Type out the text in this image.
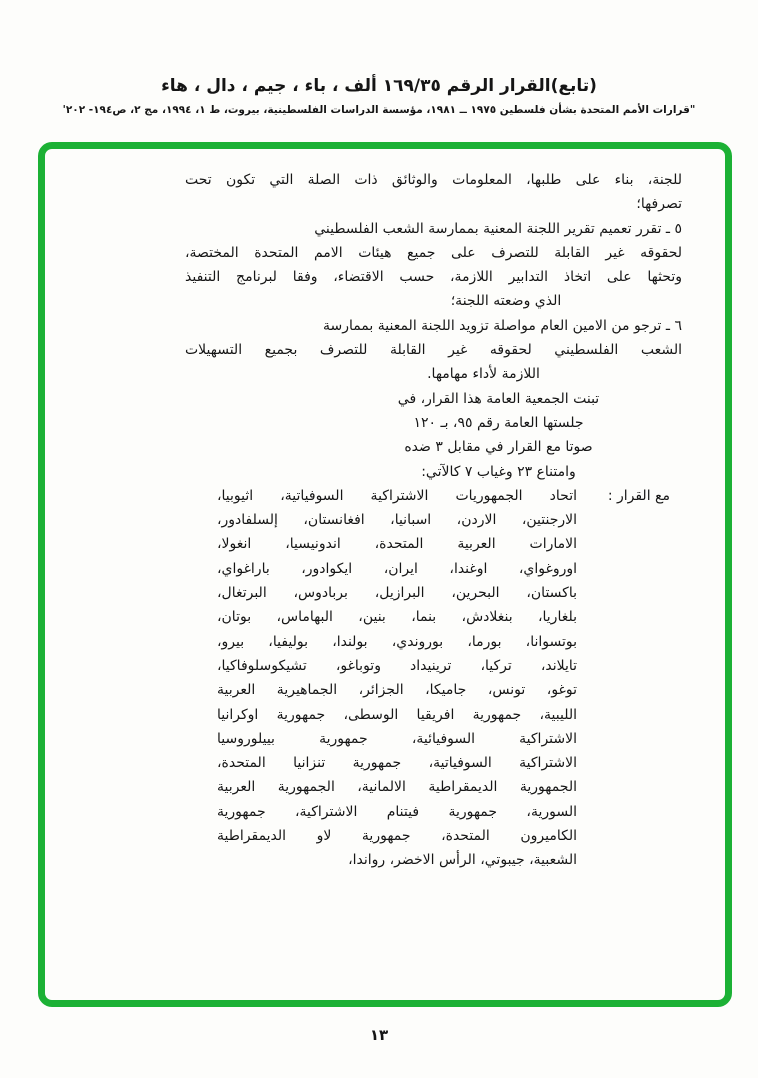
(تابع)القرار الرقم ١٦٩/٣٥ ألف ، باء ، جيم ، دال ، هاء
"قرارات الأمم المتحدة بشأن فلسطين ١٩٧٥ ــ ١٩٨١، مؤسسة الدراسات الفلسطينية، بيروت، ط ١، ١٩٩٤، مج ٢، ص١٩٤- ٢٠٢'
مع القرار :
للجنة، بناء على طلبها، المعلومات والوثائق ذات الصلة التي تكون تحت
تصرفها؛
٥ ـ تقرر تعميم تقرير اللجنة المعنية بممارسة الشعب الفلسطيني
لحقوقه غير القابلة للتصرف على جميع هيئات الامم المتحدة المختصة،
وتحثها على اتخاذ التدابير اللازمة، حسب الاقتضاء، وفقا لبرنامج التنفيذ
الذي وضعته اللجنة؛
٦ ـ ترجو من الامين العام مواصلة تزويد اللجنة المعنية بممارسة
الشعب الفلسطيني لحقوقه غير القابلة للتصرف بجميع التسهيلات
اللازمة لأداء مهامها.
تبنت الجمعية العامة هذا القرار، في
جلستها العامة رقم ٩٥، بـ ١٢٠
صوتا مع القرار في مقابل ٣ ضده
وامتناع ٢٣ وغياب ٧ كالآتي:
اتحاد الجمهوريات الاشتراكية السوفياتية، اثيوبيا،
الارجنتين، الاردن، اسبانيا، افغانستان، إلسلفادور،
الامارات العربية المتحدة، اندونيسيا، انغولا،
اوروغواي، اوغندا، ايران، ايكوادور، باراغواي،
باكستان، البحرين، البرازيل، بربادوس، البرتغال،
بلغاريا، بنغلادش، بنما، بنين، البهاماس، بوتان،
بوتسوانا، بورما، بوروندي، بولندا، بوليفيا، بيرو،
تايلاند، تركيا، ترينيداد وتوباغو، تشيكوسلوفاكيا،
توغو، تونس، جاميكا، الجزائر، الجماهيرية العربية
الليبية، جمهورية افريقيا الوسطى، جمهورية اوكرانيا
الاشتراكية السوفيائية، جمهورية بييلوروسيا
الاشتراكية السوفياتية، جمهورية تنزانيا المتحدة،
الجمهورية الديمقراطية الالمانية، الجمهورية العربية
السورية، جمهورية فيتنام الاشتراكية، جمهورية
الكاميرون المتحدة، جمهورية لاو الديمقراطية
الشعبية، جيبوتي، الرأس الاخضر، رواندا،
١٣
